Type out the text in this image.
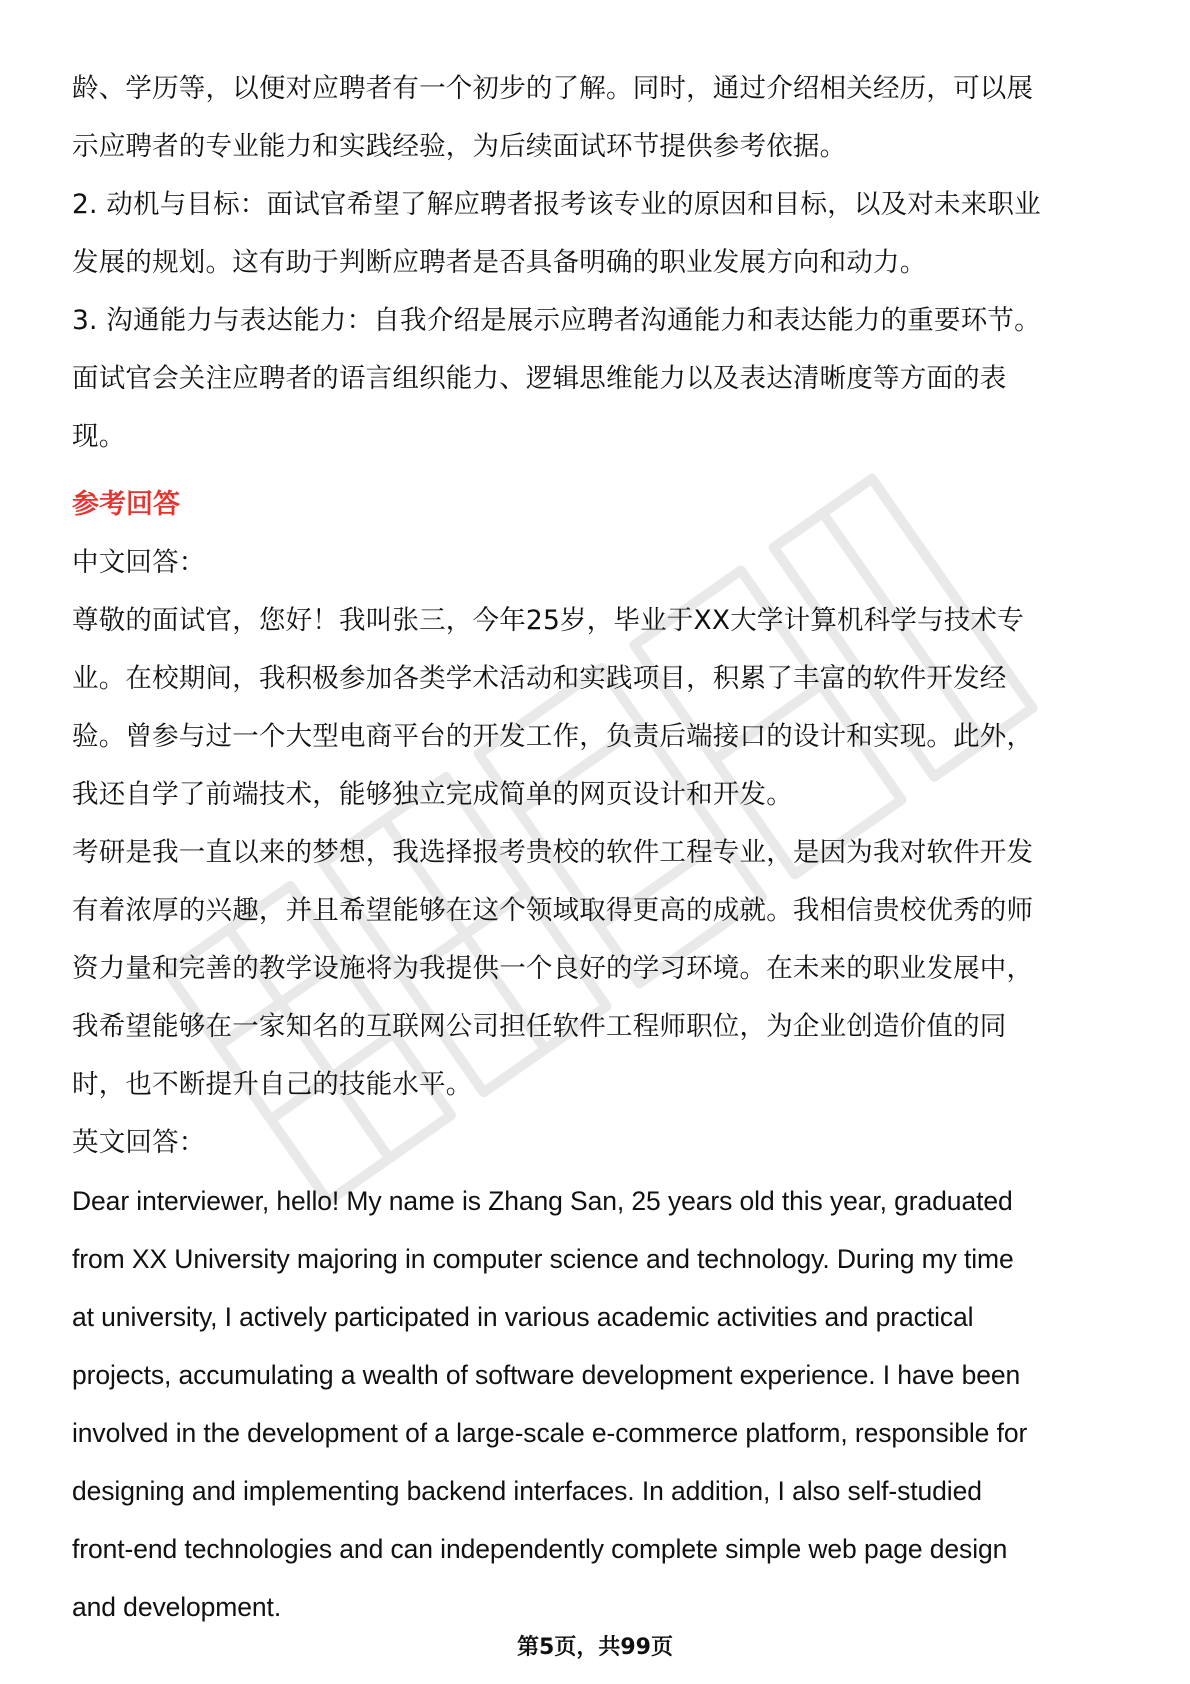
龄、学历等，以便对应聘者有一个初步的了解。同时，通过介绍相关经历，可以展

示应聘者的专业能力和实践经验，为后续面试环节提供参考依据。

2. 动机与目标：面试官希望了解应聘者报考该专业的原因和目标，以及对未来职业

发展的规划。这有助于判断应聘者是否具备明确的职业发展方向和动力。

3. 沟通能力与表达能力：自我介绍是展示应聘者沟通能力和表达能力的重要环节。

面试官会关注应聘者的语言组织能力、逻辑思维能力以及表达清晰度等方面的表

现。

参考回答

中文回答：

尊敬的面试官，您好！我叫张三，今年25岁，毕业于XX大学计算机科学与技术专

业。在校期间，我积极参加各类学术活动和实践项目，积累了丰富的软件开发经

验。曾参与过一个大型电商平台的开发工作，负责后端接口的设计和实现。此外，

我还自学了前端技术，能够独立完成简单的网页设计和开发。

考研是我一直以来的梦想，我选择报考贵校的软件工程专业，是因为我对软件开发

有着浓厚的兴趣，并且希望能够在这个领域取得更高的成就。我相信贵校优秀的师

资力量和完善的教学设施将为我提供一个良好的学习环境。在未来的职业发展中，

我希望能够在一家知名的互联网公司担任软件工程师职位，为企业创造价值的同

时，也不断提升自己的技能水平。

英文回答：

Dear interviewer, hello! My name is Zhang San, 25 years old this year, graduated

from XX University majoring in computer science and technology. During my time

at university, I actively participated in various academic activities and practical

projects, accumulating a wealth of software development experience. I have been

involved in the development of a large-scale e-commerce platform, responsible for

designing and implementing backend interfaces. In addition, I also self-studied

front-end technologies and can independently complete simple web page design

and development.

第5页，共99页
